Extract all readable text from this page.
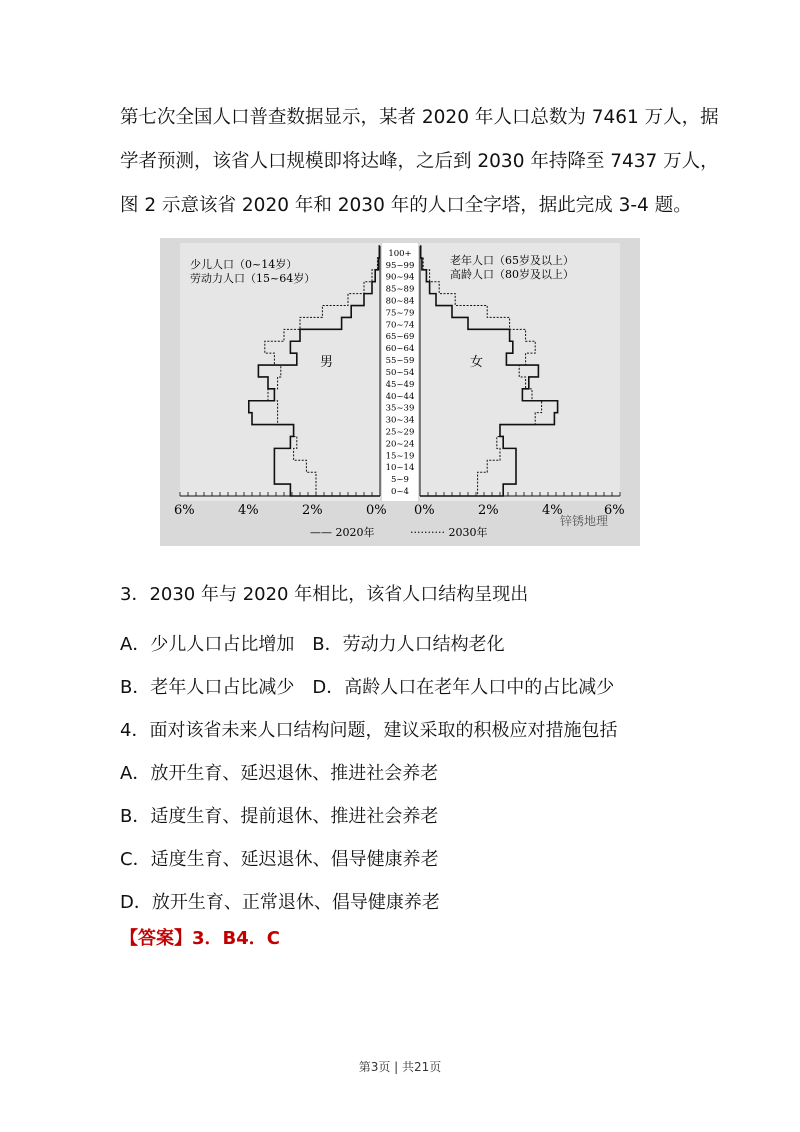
第七次全国人口普查数据显示，某者 2020 年人口总数为 7461 万人，据
学者预测，该省人口规模即将达峰，之后到 2030 年持降至 7437 万人，
图 2 示意该省 2020 年和 2030 年的人口全字塔，据此完成 3-4 题。
少儿人口（0~14岁）
劳动力人口（15~64岁）
老年人口（65岁及以上）
高龄人口（80岁及以上）
男	女
6%	4%	2%	0% 0%	2%	4%	6%
—— 2020年	·········· 2030年
锌锈地理
0~4
5~9
10~14
15~19
20~24
25~29
30~34
35~39
40~44
45~49
50~54
55~59
60~64
65~69
70~74
75~79
80~84
85~89
90~94
95~99
100+
3．2030 年与 2020 年相比，该省人口结构呈现出
A．少儿人口占比增加　B．劳动力人口结构老化
B．老年人口占比减少　D．高龄人口在老年人口中的占比减少
4．面对该省未来人口结构问题，建议采取的积极应对措施包括
A．放开生育、延迟退休、推进社会养老
B．适度生育、提前退休、推进社会养老
C．适度生育、延迟退休、倡导健康养老
D．放开生育、正常退休、倡导健康养老
【答案】3．B4．C
第3页 | 共21页
